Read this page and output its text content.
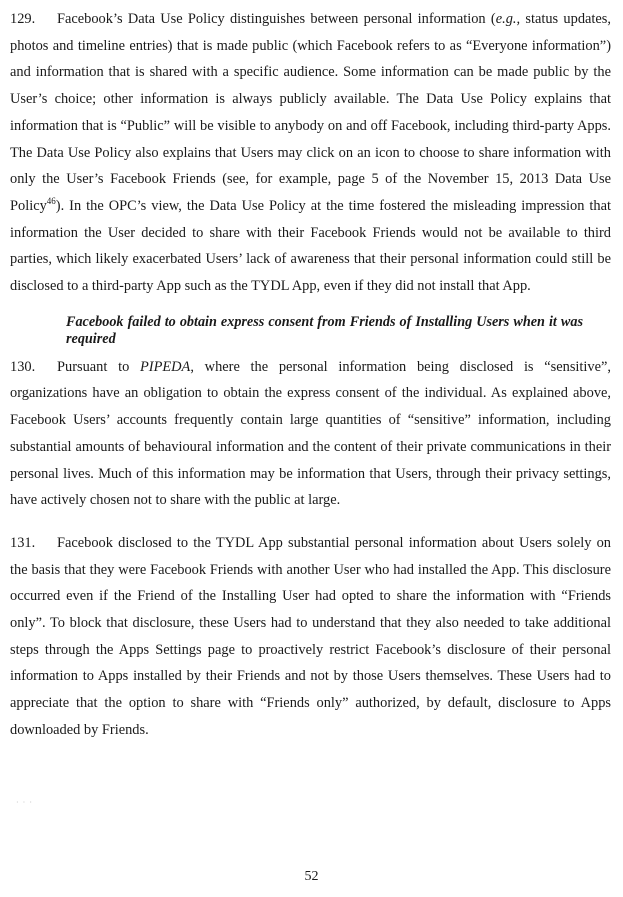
129. Facebook’s Data Use Policy distinguishes between personal information (e.g., status updates, photos and timeline entries) that is made public (which Facebook refers to as “Everyone information”) and information that is shared with a specific audience. Some information can be made public by the User’s choice; other information is always publicly available. The Data Use Policy explains that information that is “Public” will be visible to anybody on and off Facebook, including third-party Apps. The Data Use Policy also explains that Users may click on an icon to choose to share information with only the User’s Facebook Friends (see, for example, page 5 of the November 15, 2013 Data Use Policy$^{46}$). In the OPC’s view, the Data Use Policy at the time fostered the misleading impression that information the User decided to share with their Facebook Friends would not be available to third parties, which likely exacerbated Users’ lack of awareness that their personal information could still be disclosed to a third-party App such as the TYDL App, even if they did not install that App.

Facebook failed to obtain express consent from Friends of Installing Users when it was required

130. Pursuant to PIPEDA, where the personal information being disclosed is “sensitive”, organizations have an obligation to obtain the express consent of the individual. As explained above, Facebook Users’ accounts frequently contain large quantities of “sensitive” information, including substantial amounts of behavioural information and the content of their private communications in their personal lives. Much of this information may be information that Users, through their privacy settings, have actively chosen not to share with the public at large.

131. Facebook disclosed to the TYDL App substantial personal information about Users solely on the basis that they were Facebook Friends with another User who had installed the App. This disclosure occurred even if the Friend of the Installing User had opted to share the information with “Friends only”. To block that disclosure, these Users had to understand that they also needed to take additional steps through the Apps Settings page to proactively restrict Facebook’s disclosure of their personal information to Apps installed by their Friends and not by those Users themselves. These Users had to appreciate that the option to share with “Friends only” authorized, by default, disclosure to Apps downloaded by Friends.

· · ·
52
